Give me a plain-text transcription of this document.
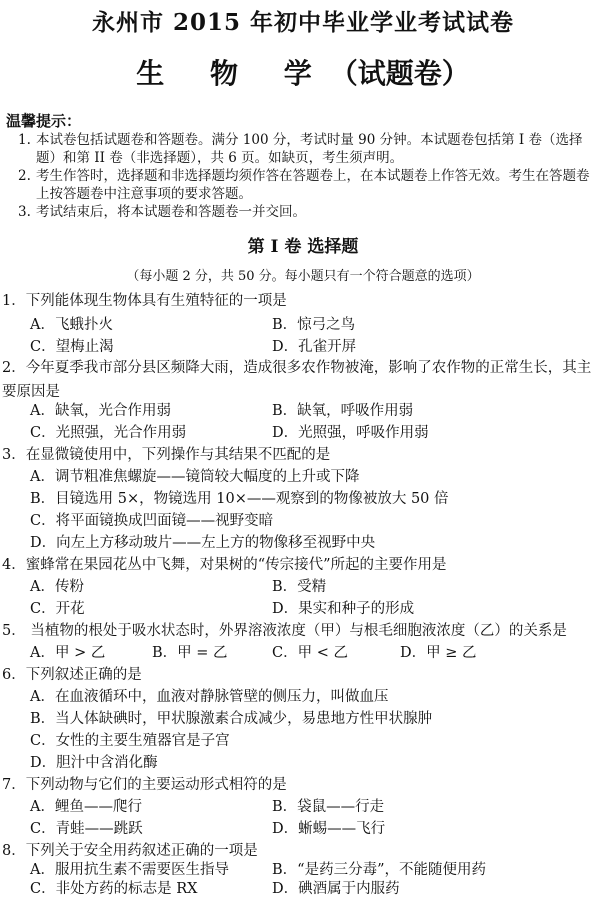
永州市 2015 年初中毕业学业考试试卷
生 物 学（试题卷）
温馨提示：
1. 本试卷包括试题卷和答题卷。满分 100 分，考试时量 90 分钟。本试题卷包括第 I 卷（选择题）和第 II 卷（非选择题），共 6 页。如缺页，考生须声明。
2. 考生作答时，选择题和非选择题均须作答在答题卷上，在本试题卷上作答无效。考生在答题卷上按答题卷中注意事项的要求答题。
3. 考试结束后，将本试题卷和答题卷一并交回。
第 I 卷 选择题
（每小题 2 分，共 50 分。每小题只有一个符合题意的选项）
1．下列能体现生物体具有生殖特征的一项是
A．飞蛾扑火	B．惊弓之鸟
C．望梅止渴	D．孔雀开屏
2．今年夏季我市部分县区频降大雨，造成很多农作物被淹，影响了农作物的正常生长，其主要原因是
A．缺氧，光合作用弱	B．缺氧，呼吸作用弱
C．光照强，光合作用弱	D．光照强，呼吸作用弱
3．在显微镜使用中，下列操作与其结果不匹配的是
A．调节粗准焦螺旋——镜筒较大幅度的上升或下降
B．目镜选用 5×，物镜选用 10×——观察到的物像被放大 50 倍
C．将平面镜换成凹面镜——视野变暗
D．向左上方移动玻片——左上方的物像移至视野中央
4．蜜蜂常在果园花丛中飞舞，对果树的“传宗接代”所起的主要作用是
A．传粉	B．受精
C．开花	D．果实和种子的形成
5． 当植物的根处于吸水状态时，外界溶液浓度（甲）与根毛细胞液浓度（乙）的关系是
A．甲 > 乙	B．甲 = 乙	C．甲 < 乙	D．甲 ≥ 乙
6．下列叙述正确的是
A．在血液循环中，血液对静脉管壁的侧压力，叫做血压
B．当人体缺碘时，甲状腺激素合成减少，易患地方性甲状腺肿
C．女性的主要生殖器官是子宫
D．胆汁中含消化酶
7．下列动物与它们的主要运动形式相符的是
A．鲤鱼——爬行	B．袋鼠——行走
C．青蛙——跳跃	D．蜥蜴——飞行
8．下列关于安全用药叙述正确的一项是
A．服用抗生素不需要医生指导	B．“是药三分毒”，不能随便用药
C．非处方药的标志是 RX	D．碘酒属于内服药
